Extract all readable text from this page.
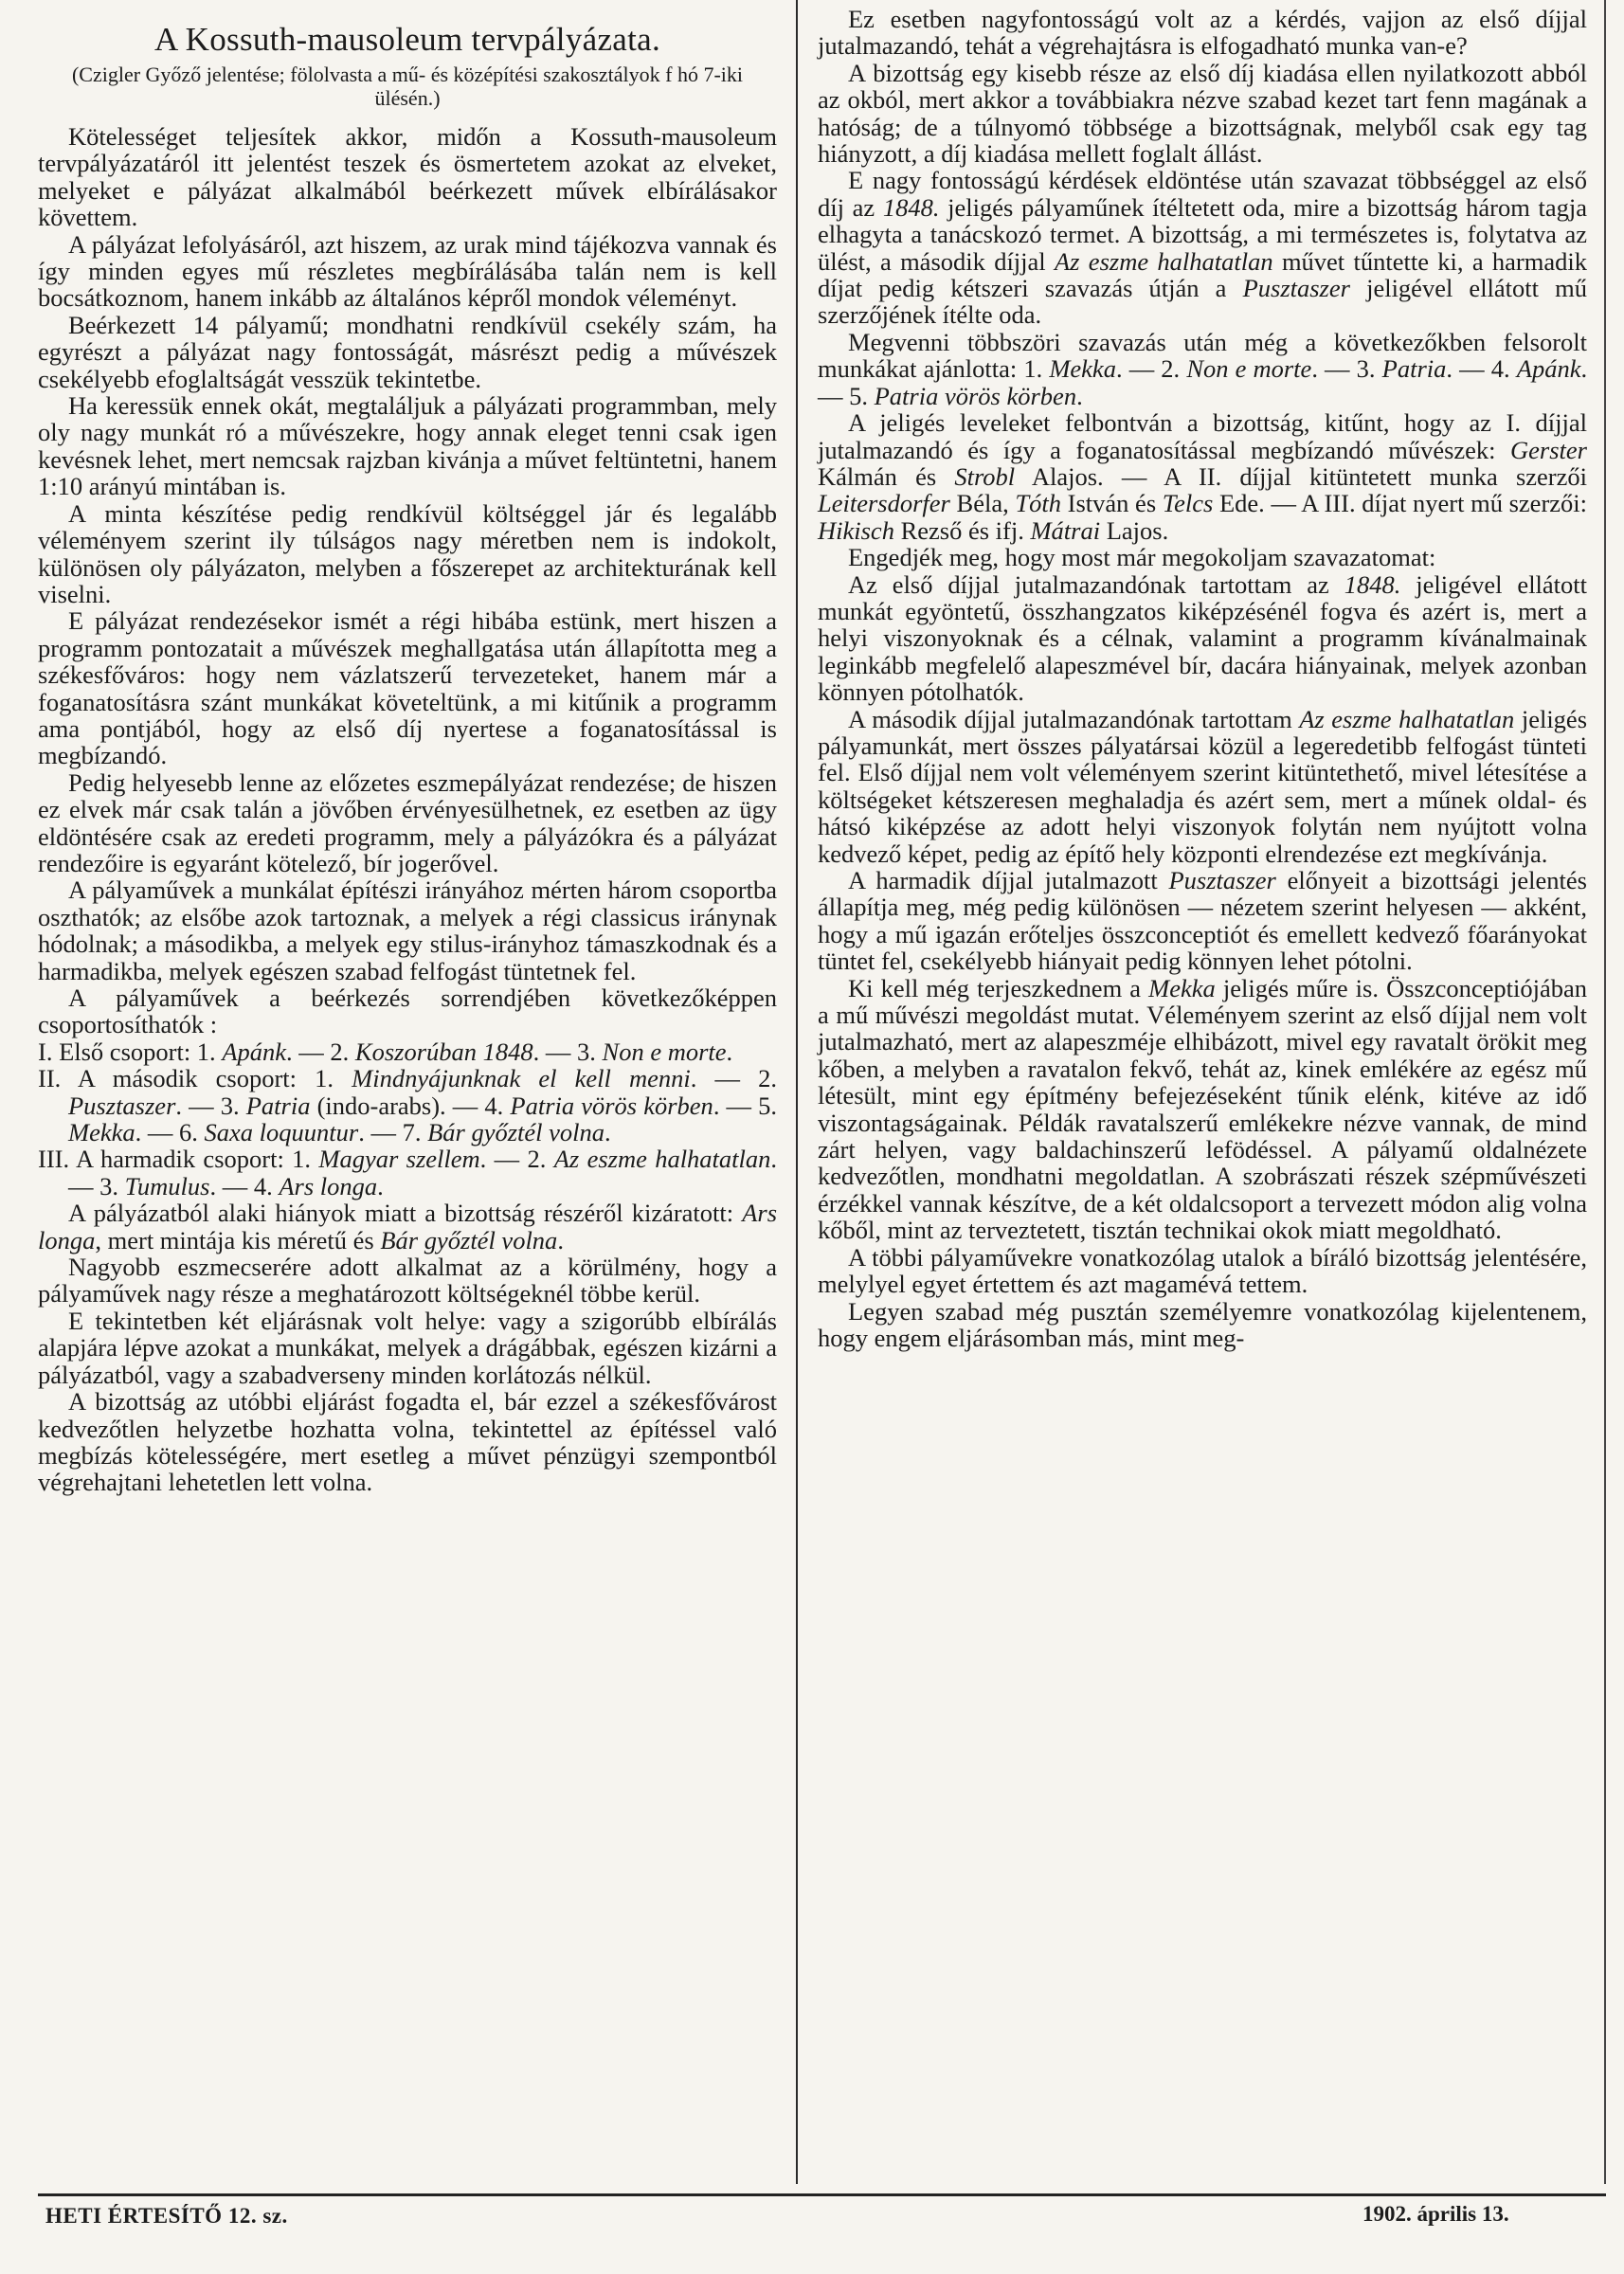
A Kossuth-mausoleum tervpályázata.

(Czigler Győző jelentése; fölolvasta a mű- és középítési szakosztályok f hó 7-iki ülésén.)

Kötelességet teljesítek akkor, midőn a Kossuth-mausoleum tervpályázatáról itt jelentést teszek és ösmertetem azokat az elveket, melyeket e pályázat alkalmából beérkezett művek elbírálásakor követtem.

A pályázat lefolyásáról, azt hiszem, az urak mind tájékozva vannak és így minden egyes mű részletes megbírálásába talán nem is kell bocsátkoznom, hanem inkább az általános képről mondok véleményt.

Beérkezett 14 pályamű; mondhatni rendkívül csekély szám, ha egyrészt a pályázat nagy fontosságát, másrészt pedig a művészek csekélyebb efoglaltságát vesszük tekintetbe.

Ha keressük ennek okát, megtaláljuk a pályázati programmban, mely oly nagy munkát ró a művészekre, hogy annak eleget tenni csak igen kevésnek lehet, mert nemcsak rajzban kivánja a művet feltüntetni, hanem 1:10 arányú mintában is.

A minta készítése pedig rendkívül költséggel jár és legalább véleményem szerint ily túlságos nagy méretben nem is indokolt, különösen oly pályázaton, melyben a főszerepet az architekturának kell viselni.

E pályázat rendezésekor ismét a régi hibába estünk, mert hiszen a programm pontozatait a művészek meghallgatása után állapította meg a székesfőváros: hogy nem vázlatszerű tervezeteket, hanem már a foganatosításra szánt munkákat követeltünk, a mi kitűnik a programm ama pontjából, hogy az első díj nyertese a foganatosítással is megbízandó.

Pedig helyesebb lenne az előzetes eszmepályázat rendezése; de hiszen ez elvek már csak talán a jövőben érvényesülhetnek, ez esetben az ügy eldöntésére csak az eredeti programm, mely a pályázókra és a pályázat rendezőire is egyaránt kötelező, bír jogerővel.

A pályaművek a munkálat építészi irányához mérten három csoportba oszthatók; az elsőbe azok tartoznak, a melyek a régi classicus iránynak hódolnak; a másodikba, a melyek egy stilus-irányhoz támaszkodnak és a harmadikba, melyek egészen szabad felfogást tüntetnek fel.

A pályaművek a beérkezés sorrendjében következőképpen csoportosíthatók :

I. Első csoport: 1. Apánk. — 2. Koszorúban 1848. — 3. Non e morte.

II. A második csoport: 1. Mindnyájunknak el kell menni. — 2. Pusztaszer. — 3. Patria (indo-arabs). — 4. Patria vörös körben. — 5. Mekka. — 6. Saxa loquuntur. — 7. Bár győztél volna.

III. A harmadik csoport: 1. Magyar szellem. — 2. Az eszme halhatatlan. — 3. Tumulus. — 4. Ars longa.

A pályázatból alaki hiányok miatt a bizottság részéről kizáratott: Ars longa, mert mintája kis méretű és Bár győztél volna.

Nagyobb eszmecserére adott alkalmat az a körülmény, hogy a pályaművek nagy része a meghatározott költségeknél többe kerül.

E tekintetben két eljárásnak volt helye: vagy a szigorúbb elbírálás alapjára lépve azokat a munkákat, melyek a drágábbak, egészen kizárni a pályázatból, vagy a szabadverseny minden korlátozás nélkül.

A bizottság az utóbbi eljárást fogadta el, bár ezzel a székesfővárost kedvezőtlen helyzetbe hozhatta volna, tekintettel az építéssel való megbízás kötelességére, mert esetleg a művet pénzügyi szempontból végrehajtani lehetetlen lett volna.

Ez esetben nagyfontosságú volt az a kérdés, vajjon az első díjjal jutalmazandó, tehát a végrehajtásra is elfogadható munka van-e?

A bizottság egy kisebb része az első díj kiadása ellen nyilatkozott abból az okból, mert akkor a továbbiakra nézve szabad kezet tart fenn magának a hatóság; de a túlnyomó többsége a bizottságnak, melyből csak egy tag hiányzott, a díj kiadása mellett foglalt állást.

E nagy fontosságú kérdések eldöntése után szavazat többséggel az első díj az 1848. jeligés pályaműnek ítéltetett oda, mire a bizottság három tagja elhagyta a tanácskozó termet. A bizottság, a mi természetes is, folytatva az ülést, a második díjjal Az eszme halhatatlan művet tűntette ki, a harmadik díjat pedig kétszeri szavazás útján a Pusztaszer jeligével ellátott mű szerzőjének ítélte oda.

Megvenni többszöri szavazás után még a következőkben felsorolt munkákat ajánlotta: 1. Mekka. — 2. Non e morte. — 3. Patria. — 4. Apánk. — 5. Patria vörös körben.

A jeligés leveleket felbontván a bizottság, kitűnt, hogy az I. díjjal jutalmazandó és így a foganatosítással megbízandó művészek: Gerster Kálmán és Strobl Alajos. — A II. díjjal kitüntetett munka szerzői Leitersdorfer Béla, Tóth István és Telcs Ede. — A III. díjat nyert mű szerzői: Hikisch Rezső és ifj. Mátrai Lajos.

Engedjék meg, hogy most már megokoljam szavazatomat:

Az első díjjal jutalmazandónak tartottam az 1848. jeligével ellátott munkát egyöntetű, összhangzatos kiképzésénél fogva és azért is, mert a helyi viszonyoknak és a célnak, valamint a programm kívánalmainak leginkább megfelelő alapeszmével bír, dacára hiányainak, melyek azonban könnyen pótolhatók.

A második díjjal jutalmazandónak tartottam Az eszme halhatatlan jeligés pályamunkát, mert összes pályatársai közül a legeredetibb felfogást tünteti fel. Első díjjal nem volt véleményem szerint kitüntethető, mivel létesítése a költségeket kétszeresen meghaladja és azért sem, mert a műnek oldal- és hátsó kiképzése az adott helyi viszonyok folytán nem nyújtott volna kedvező képet, pedig az építő hely központi elrendezése ezt megkívánja.

A harmadik díjjal jutalmazott Pusztaszer előnyeit a bizottsági jelentés állapítja meg, még pedig különösen — nézetem szerint helyesen — akként, hogy a mű igazán erőteljes összconceptiót és emellett kedvező főarányokat tüntet fel, csekélyebb hiányait pedig könnyen lehet pótolni.

Ki kell még terjeszkednem a Mekka jeligés műre is. Összconceptiójában a mű művészi megoldást mutat. Véleményem szerint az első díjjal nem volt jutalmazható, mert az alapeszméje elhibázott, mivel egy ravatalt örökit meg kőben, a melyben a ravatalon fekvő, tehát az, kinek emlékére az egész mű létesült, mint egy építmény befejezéseként tűnik elénk, kitéve az idő viszontagságainak. Példák ravatalszerű emlékekre nézve vannak, de mind zárt helyen, vagy baldachinszerű lefödéssel. A pályamű oldalnézete kedvezőtlen, mondhatni megoldatlan. A szobrászati részek szépművészeti érzékkel vannak készítve, de a két oldalcsoport a tervezett módon alig volna kőből, mint az terveztetett, tisztán technikai okok miatt megoldható.

A többi pályaművekre vonatkozólag utalok a bíráló bizottság jelentésére, melylyel egyet értettem és azt magamévá tettem.

Legyen szabad még pusztán személyemre vonatkozólag kijelentenem, hogy engem eljárásomban más, mint meg-

HETI ÉRTESÍTŐ 12. sz.	1902. április 13.
